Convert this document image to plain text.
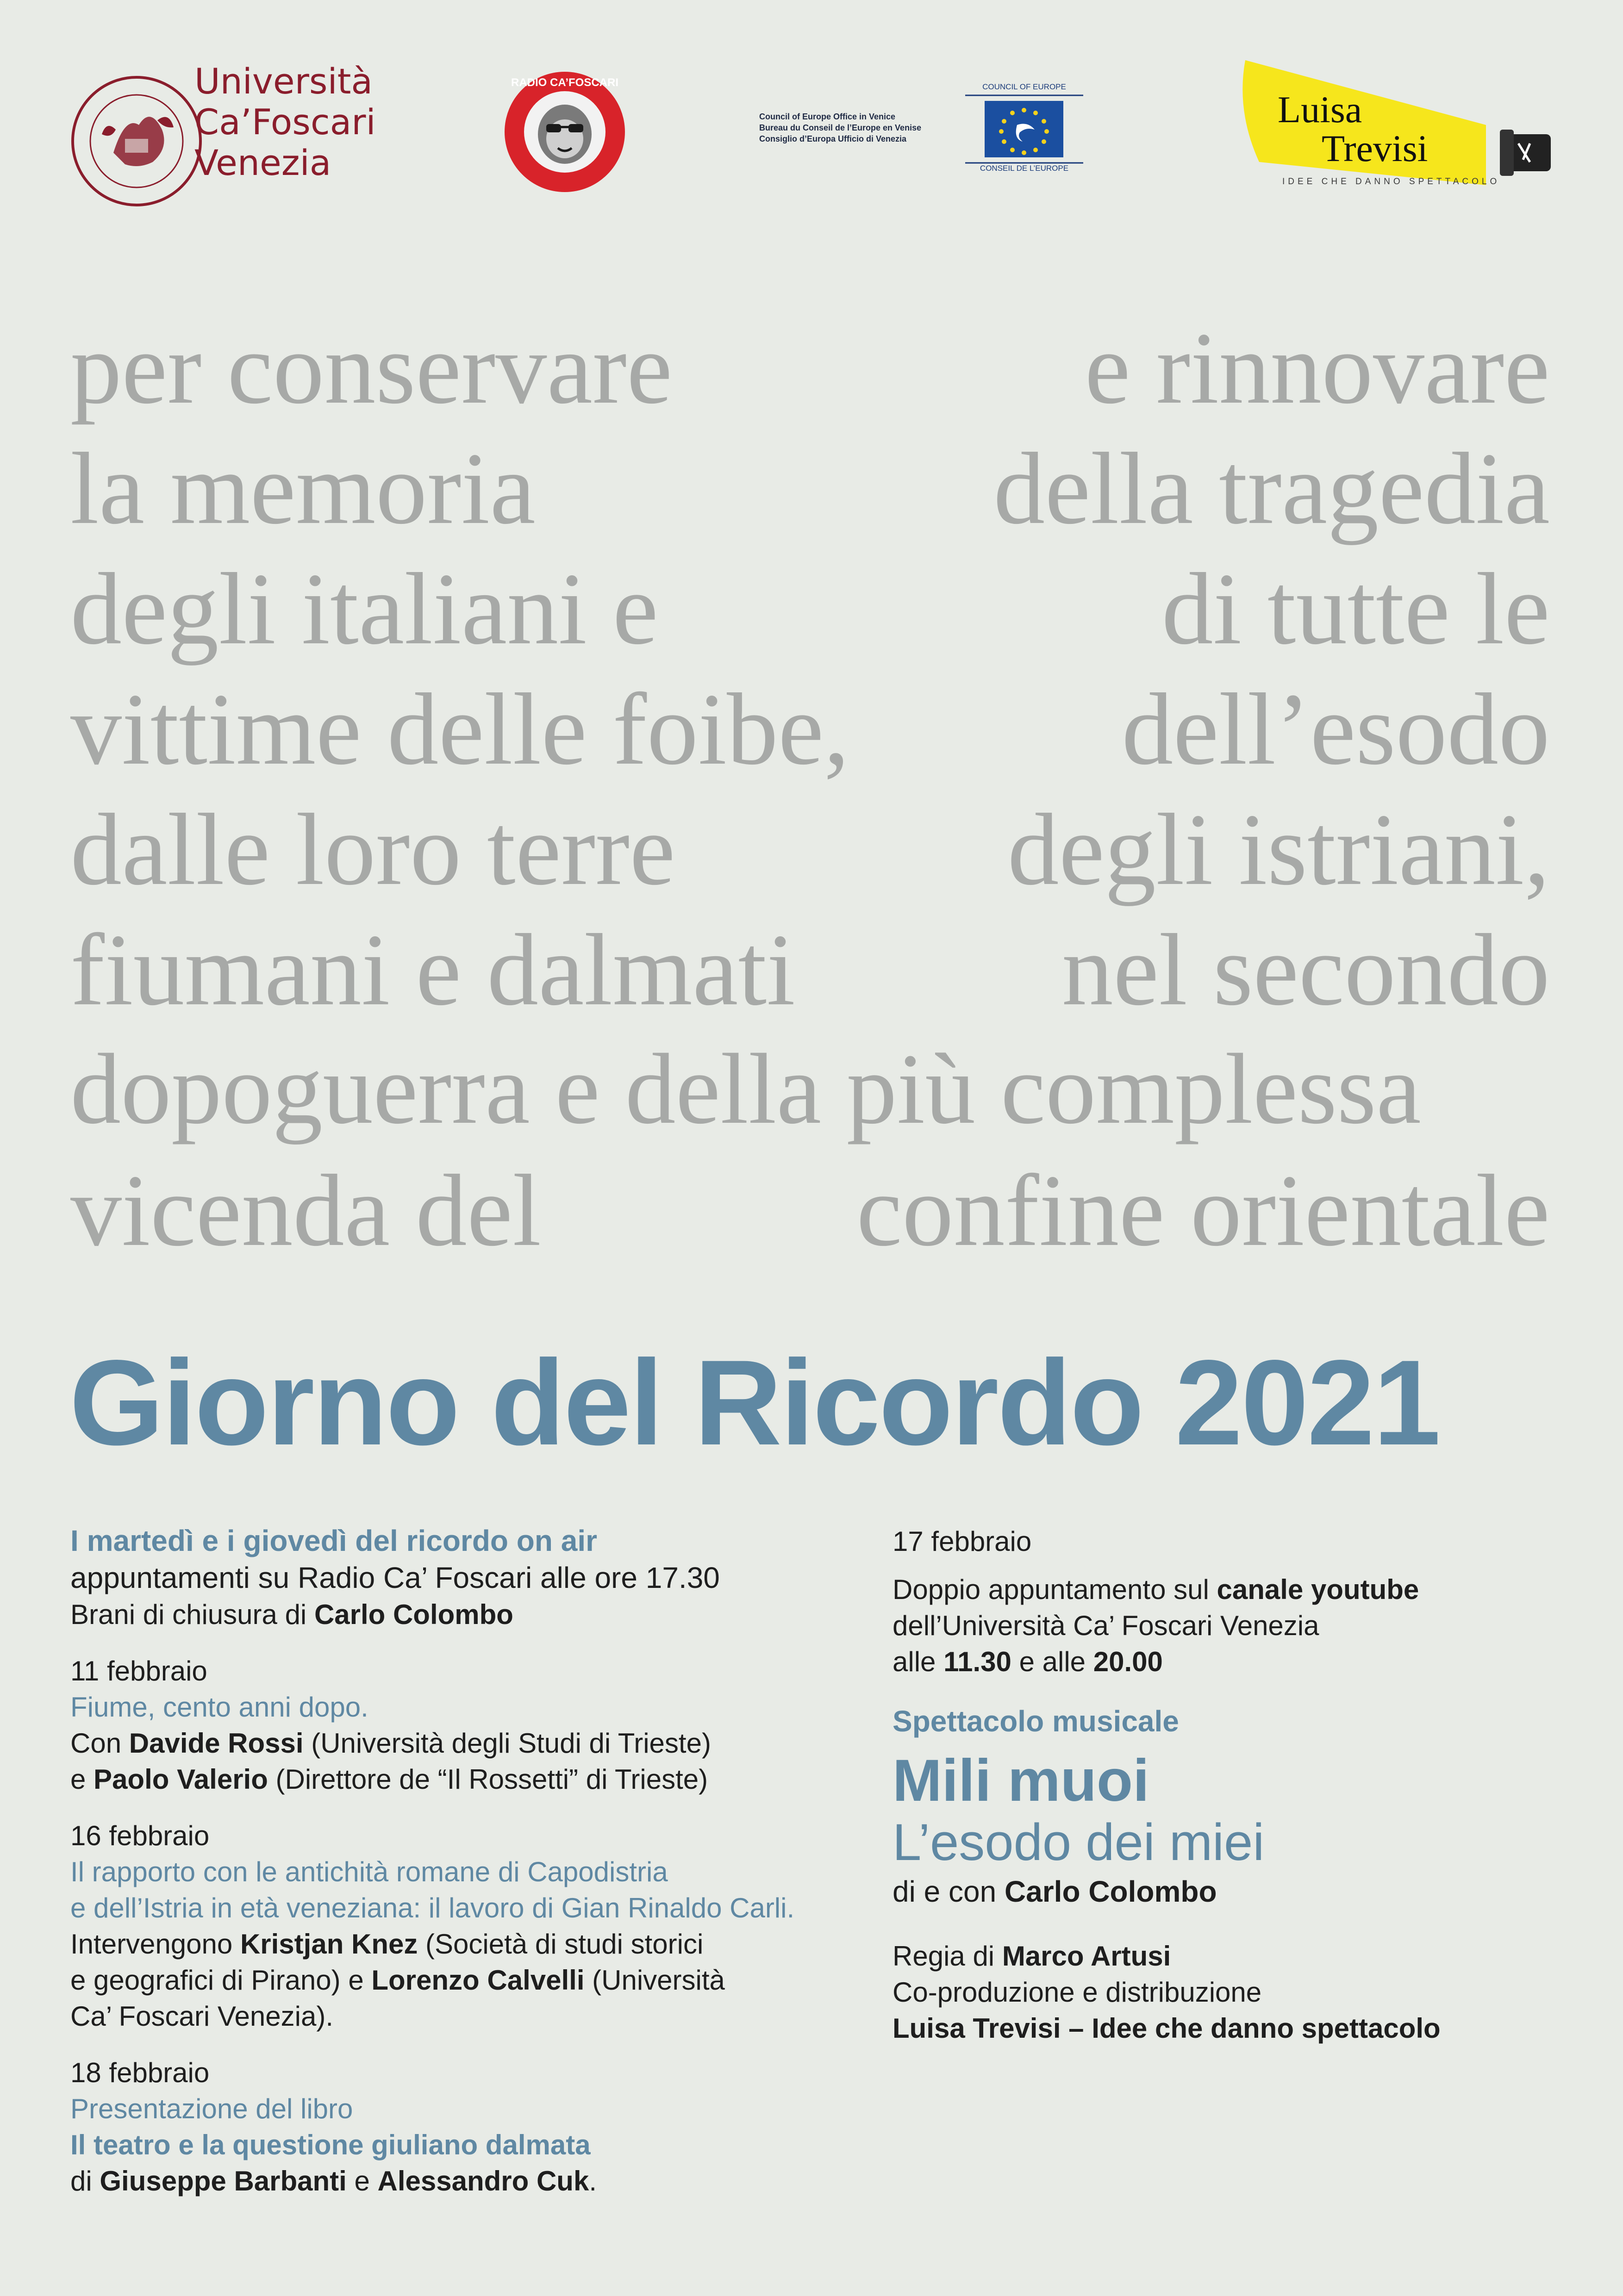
Università
Ca’Foscari
Venezia
RADIO CA’FOSCARI
Council of Europe Office in Venice
Bureau du Conseil de l’Europe en Venise
Consiglio d’Europa Ufficio di Venezia
COUNCIL OF EUROPE
CONSEIL DE L’EUROPE
Luisa
Trevisi
IDEE CHE DANNO SPETTACOLO
per conservare	e rinnovare
la memoria	della tragedia
degli italiani e	di tutte le
vittime delle foibe,	dell’esodo
dalle loro terre	degli istriani,
fiumani e dalmati	nel secondo
dopoguerra e della più complessa
vicenda del	confine orientale
Giorno del Ricordo 2021

I martedì e i giovedì del ricordo on air

appuntamenti su Radio Ca’ Foscari alle ore 17.30

Brani di chiusura di Carlo Colombo

11 febbraio

Fiume, cento anni dopo.

Con Davide Rossi (Università degli Studi di Trieste)

e Paolo Valerio (Direttore de “Il Rossetti” di Trieste)

16 febbraio

Il rapporto con le antichità romane di Capodistria

e dell’Istria in età veneziana: il lavoro di Gian Rinaldo Carli.

Intervengono Kristjan Knez (Società di studi storici

e geografici di Pirano) e Lorenzo Calvelli (Università

Ca’ Foscari Venezia).

18 febbraio

Presentazione del libro

Il teatro e la questione giuliano dalmata

di Giuseppe Barbanti e Alessandro Cuk.

17 febbraio

Doppio appuntamento sul canale youtube

dell’Università Ca’ Foscari Venezia

alle 11.30 e alle 20.00

Spettacolo musicale

Mili muoi

L’esodo dei miei

di e con Carlo Colombo

Regia di Marco Artusi

Co-produzione e distribuzione

Luisa Trevisi – Idee che danno spettacolo
